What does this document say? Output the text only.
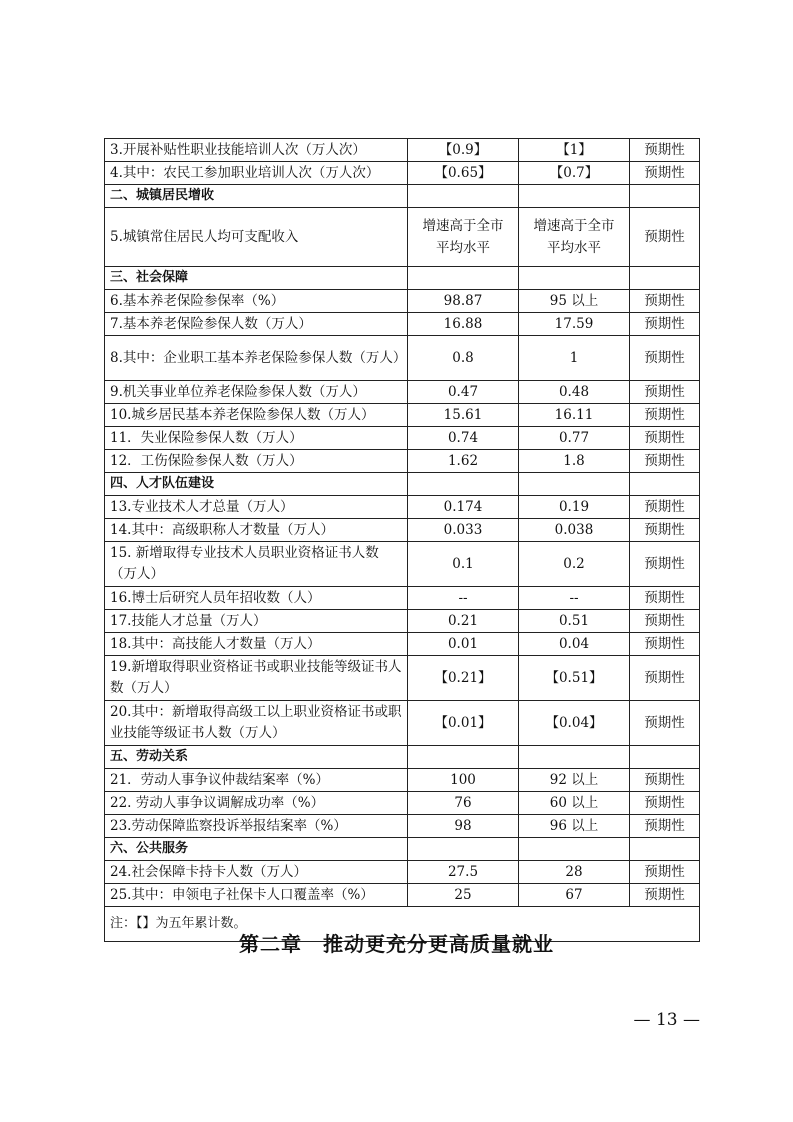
3.开展补贴性职业技能培训人次（万人次）	【0.9】	【1】	预期性
4.其中：农民工参加职业培训人次（万人次）	【0.65】	【0.7】	预期性
二、城镇居民增收			
5.城镇常住居民人均可支配收入	增速高于全市平均水平	增速高于全市平均水平	预期性
三、社会保障			
6.基本养老保险参保率（%）	98.87	95 以上	预期性
7.基本养老保险参保人数（万人）	16.88	17.59	预期性
8.其中：企业职工基本养老保险参保人数（万人）	0.8	1	预期性
9.机关事业单位养老保险参保人数（万人）	0.47	0.48	预期性
10.城乡居民基本养老保险参保人数（万人）	15.61	16.11	预期性
11．失业保险参保人数（万人）	0.74	0.77	预期性
12．工伤保险参保人数（万人）	1.62	1.8	预期性
四、人才队伍建设			
13.专业技术人才总量（万人）	0.174	0.19	预期性
14.其中：高级职称人才数量（万人）	0.033	0.038	预期性
15. 新增取得专业技术人员职业资格证书人数（万人）	0.1	0.2	预期性
16.博士后研究人员年招收数（人）	--	--	预期性
17.技能人才总量（万人）	0.21	0.51	预期性
18.其中：高技能人才数量（万人）	0.01	0.04	预期性
19.新增取得职业资格证书或职业技能等级证书人数（万人）	【0.21】	【0.51】	预期性
20.其中：新增取得高级工以上职业资格证书或职业技能等级证书人数（万人）	【0.01】	【0.04】	预期性
五、劳动关系			
21．劳动人事争议仲裁结案率（%）	100	92 以上	预期性
22. 劳动人事争议调解成功率（%）	76	60 以上	预期性
23.劳动保障监察投诉举报结案率（%）	98	96 以上	预期性
六、公共服务			
24.社会保障卡持卡人数（万人）	27.5	28	预期性
25.其中：申领电子社保卡人口覆盖率（%）	25	67	预期性
注：【】为五年累计数。			
第二章　推动更充分更高质量就业
— 13 —
